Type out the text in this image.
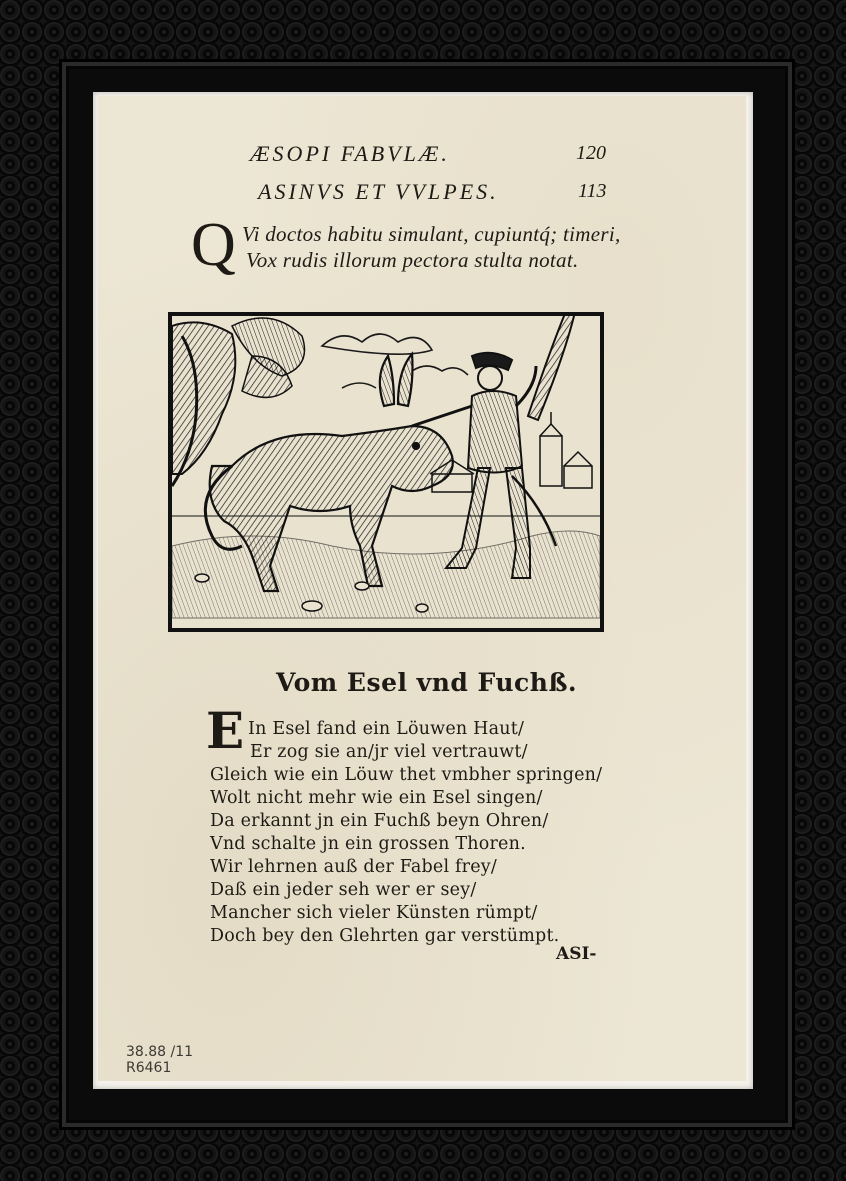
ÆSOPI FABVLÆ.	120
ASINVS ET VVLPES.	113
Q Vi doctos habitu simulant, cupiuntq́; timeri,
Vox rudis illorum pectora stulta notat.
Vom Esel vnd Fuchß.
E In Esel fand ein Löuwen Haut/
Er zog sie an/jr viel vertrauwt/
Gleich wie ein Löuw thet vmbher springen/
Wolt nicht mehr wie ein Esel singen/
Da erkannt jn ein Fuchß beyn Ohren/
Vnd schalte jn ein grossen Thoren.
Wir lehrnen auß der Fabel frey/
Daß ein jeder seh wer er sey/
Mancher sich vieler Künsten rümpt/
Doch bey den Glehrten gar verstümpt.
ASI-
38.88 /11
R6461
